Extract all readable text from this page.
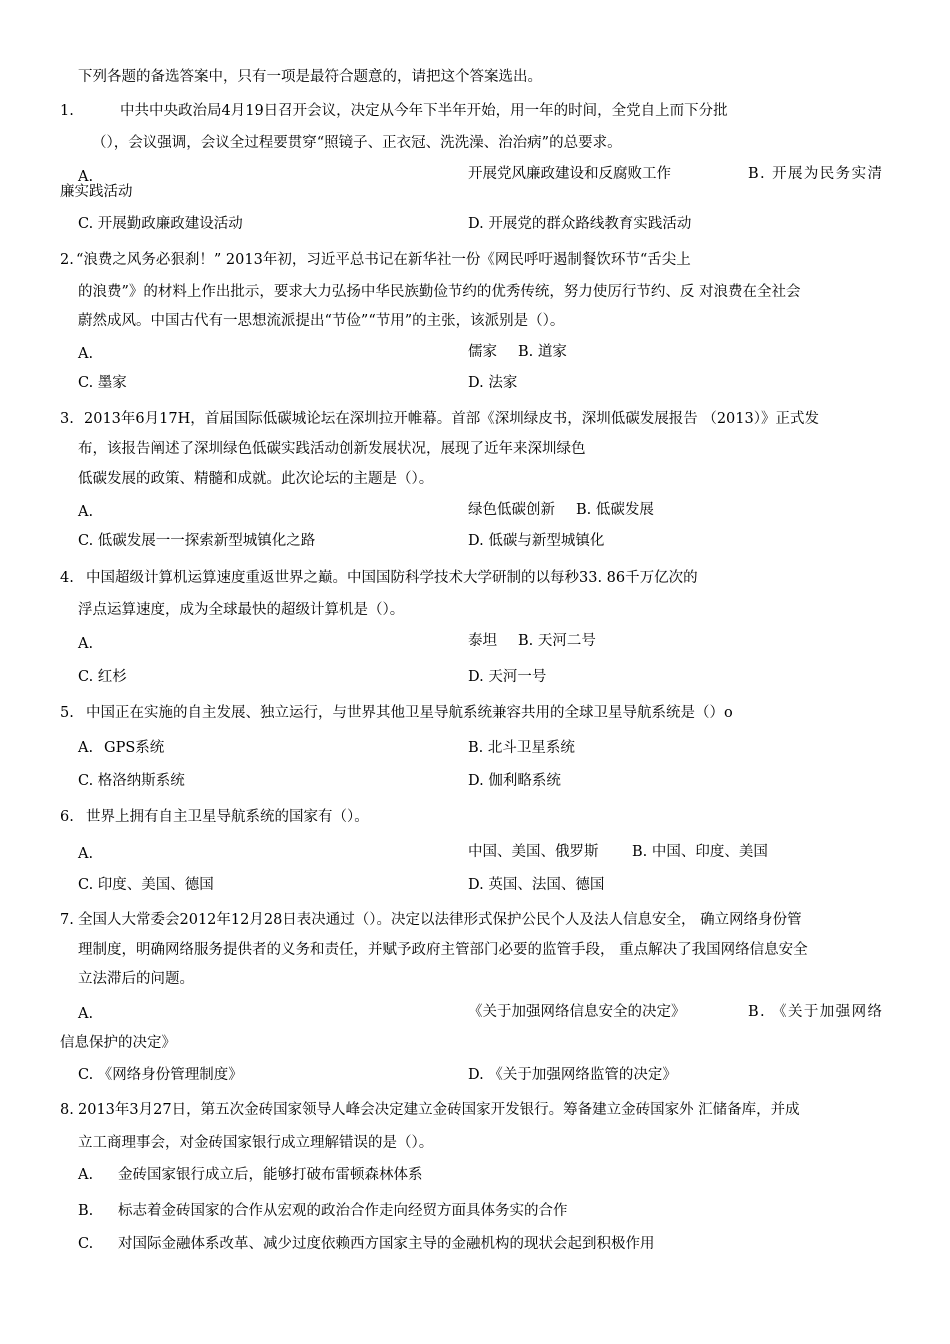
下列各题的备选答案中，只有一项是最符合题意的，请把这个答案选出。
1.	中共中央政治局4月19日召开会议，决定从今年下半年开始，用一年的时间，全党自上而下分批
（），会议强调，会议全过程要贯穿“照镜子、正衣冠、洗洗澡、治治病”的总要求。
A.	开展党风廉政建设和反腐败工作	B. 开展为民务实清
廉实践活动
C. 开展勤政廉政建设活动	D. 开展党的群众路线教育实践活动
2. “浪费之风务必狠刹！” 2013年初，习近平总书记在新华社一份《网民呼吁遏制餐饮环节“舌尖上
的浪费”》的材料上作出批示，要求大力弘扬中华民族勤俭节约的优秀传统，努力使厉行节约、反 对浪费在全社会
蔚然成风。中国古代有一思想流派提出“节俭”“节用”的主张，该派别是（）。
A.	儒家 B. 道家
C. 墨家	D. 法家
3. 2013年6月17H，首届国际低碳城论坛在深圳拉开帷幕。首部《深圳绿皮书，深圳低碳发展报告 （2013）》正式发
布，该报告阐述了深圳绿色低碳实践活动创新发展状况，展现了近年来深圳绿色
低碳发展的政策、精髓和成就。此次论坛的主题是（）。
A.	绿色低碳创新 B. 低碳发展
C. 低碳发展一一探索新型城镇化之路	D. 低碳与新型城镇化
4. 中国超级计算机运算速度重返世界之巅。中国国防科学技术大学研制的以每秒33. 86千万亿次的
浮点运算速度，成为全球最快的超级计算机是（）。
A.	泰坦 B. 天河二号
C. 红杉	D. 天河一号
5. 中国正在实施的自主发展、独立运行，与世界其他卫星导航系统兼容共用的全球卫星导航系统是（）o
A. GPS系统	B. 北斗卫星系统
C. 格洛纳斯系统	D. 伽利略系统
6. 世界上拥有自主卫星导航系统的国家有（）。
A.	中国、美国、俄罗斯 B. 中国、印度、美国
C. 印度、美国、德国	D. 英国、法国、德国
7. 全国人大常委会2012年12月28日表决通过（）。决定以法律形式保护公民个人及法人信息安全， 确立网络身份管
理制度，明确网络服务提供者的义务和责任，并赋予政府主管部门必要的监管手段， 重点解决了我国网络信息安全
立法滞后的问题。
A.	《关于加强网络信息安全的决定》	B. 《关于加强网络
信息保护的决定》
C. 《网络身份管理制度》	D. 《关于加强网络监管的决定》
8. 2013年3月27日，第五次金砖国家领导人峰会决定建立金砖国家开发银行。筹备建立金砖国家外 汇储备库，并成
立工商理事会，对金砖国家银行成立理解错误的是（）。
A. 金砖国家银行成立后，能够打破布雷顿森林体系
B. 标志着金砖国家的合作从宏观的政治合作走向经贸方面具体务实的合作
C. 对国际金融体系改革、减少过度依赖西方国家主导的金融机构的现状会起到积极作用
